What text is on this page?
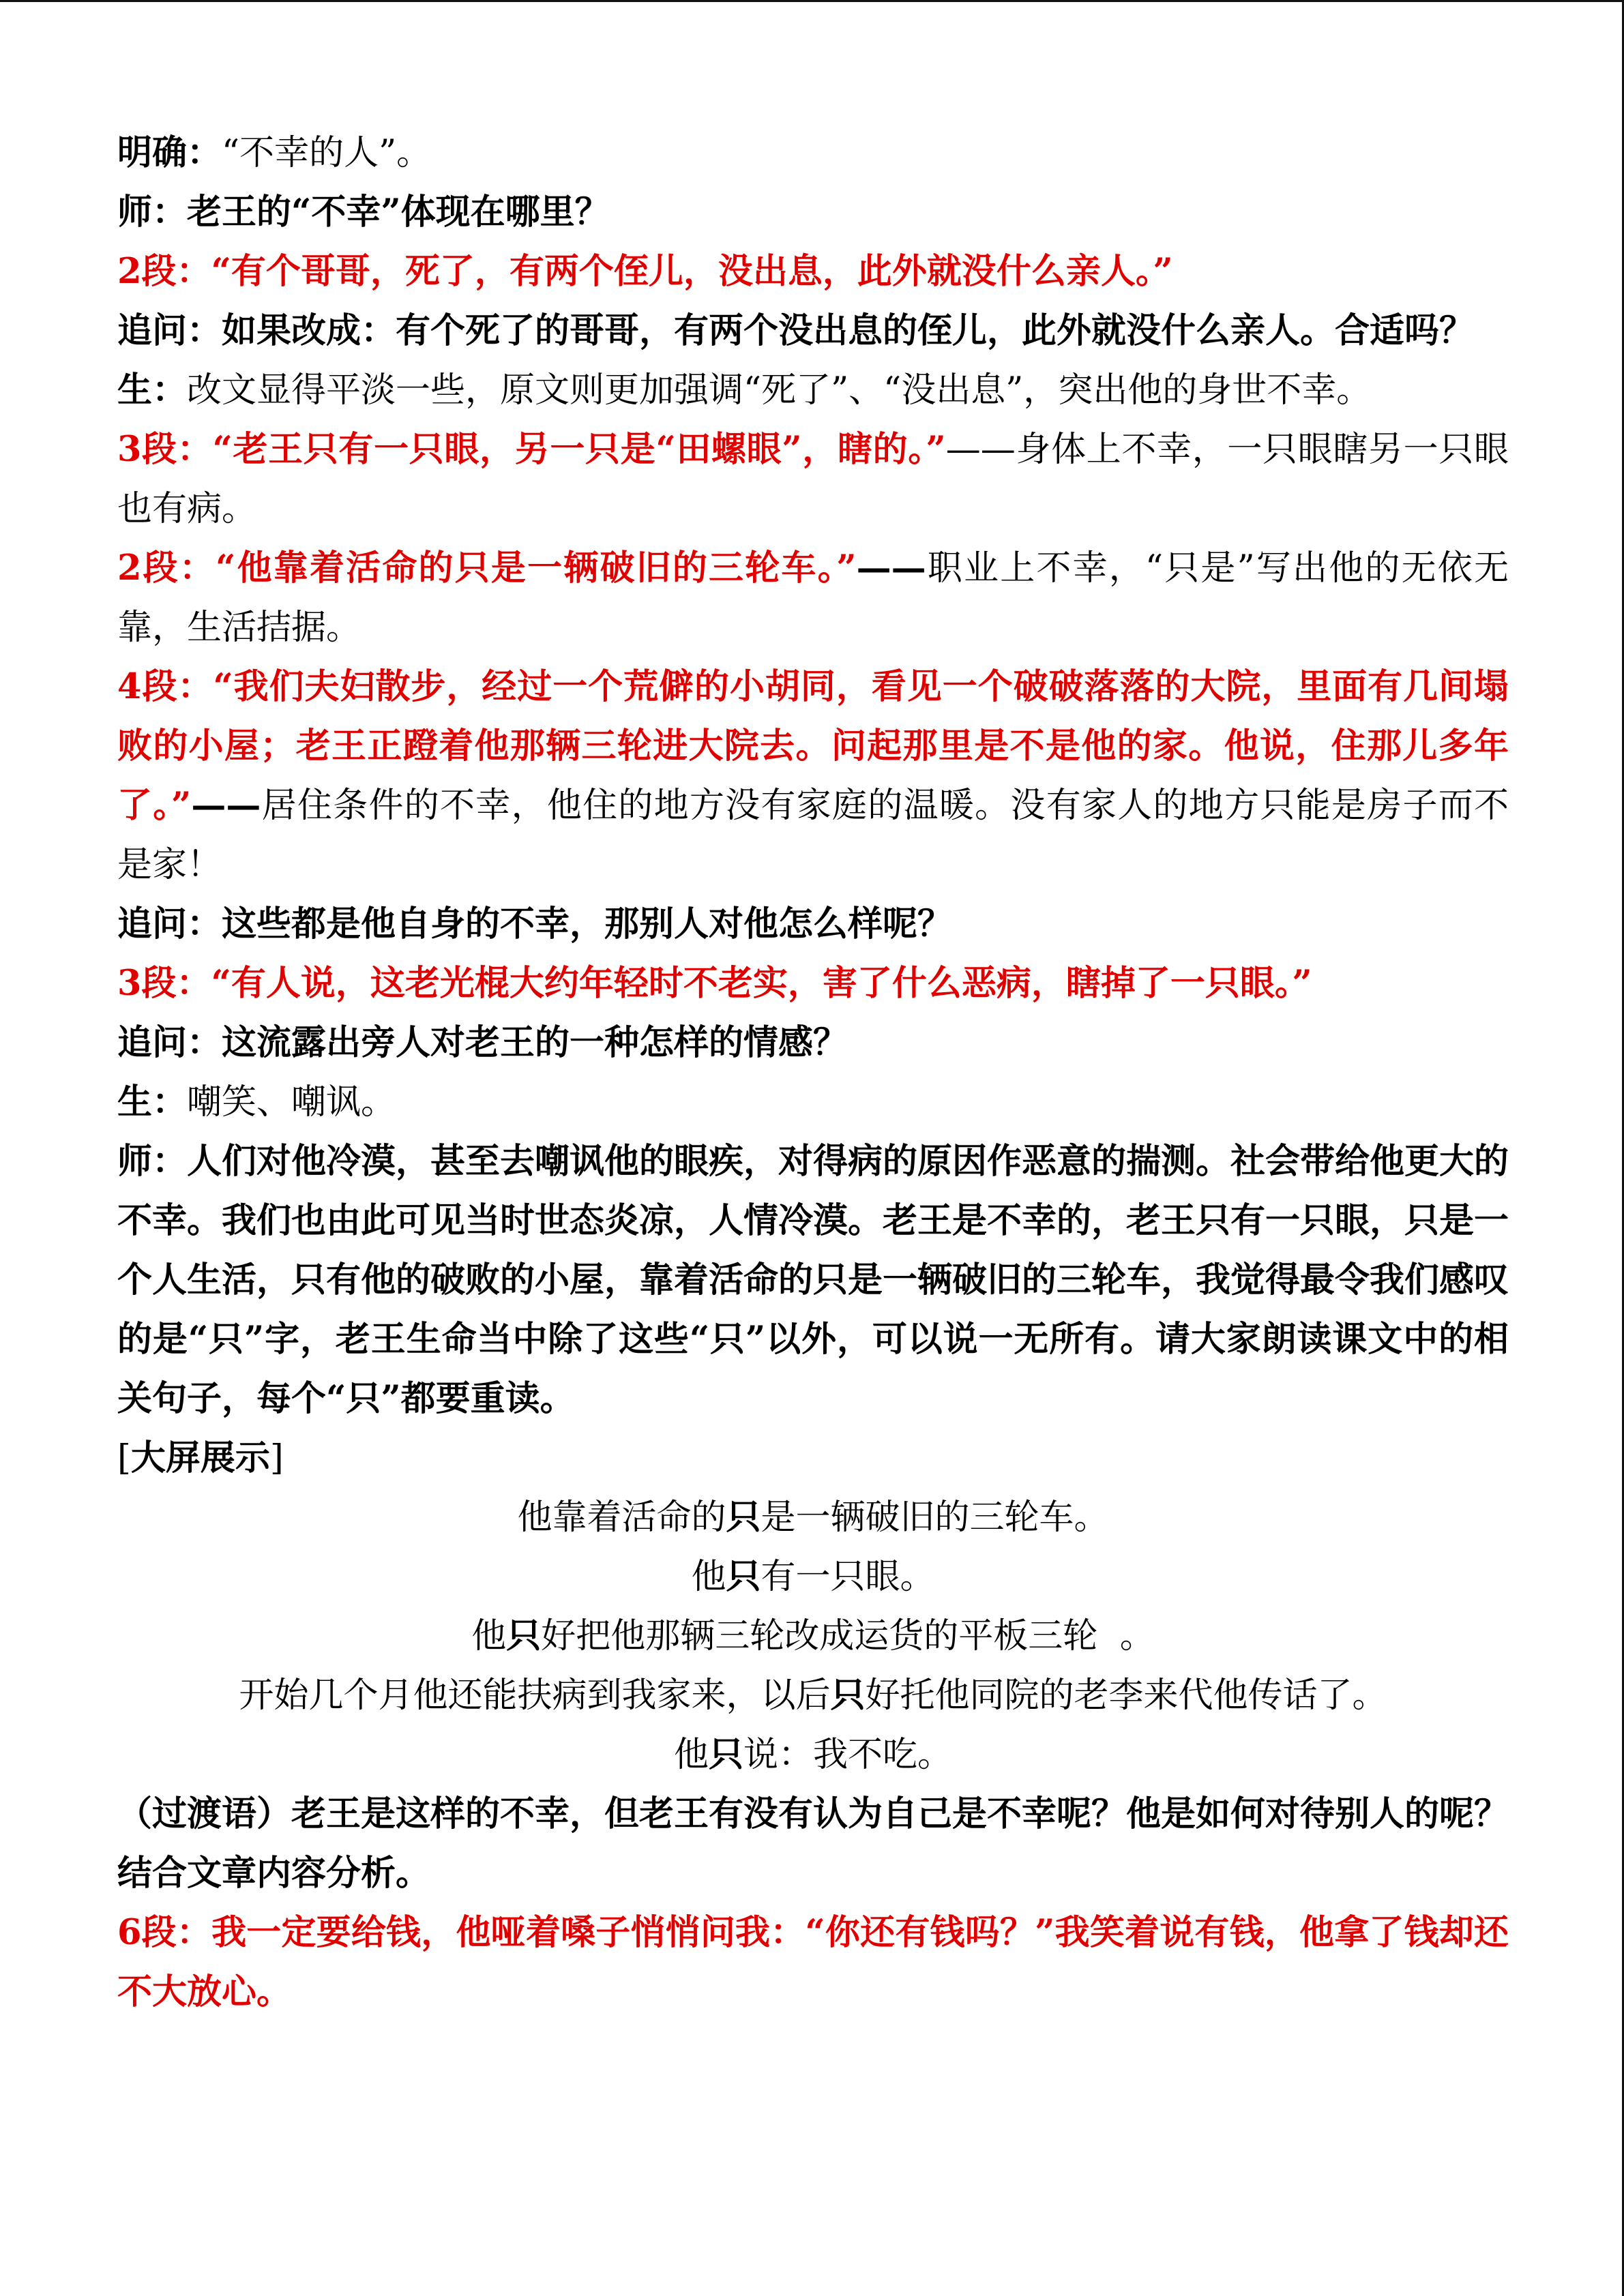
明确：“不幸的人”。

师：老王的“不幸”体现在哪里？

2段：“有个哥哥，死了，有两个侄儿，没出息，此外就没什么亲人。”

追问：如果改成：有个死了的哥哥，有两个没出息的侄儿，此外就没什么亲人。合适吗？

生：改文显得平淡一些，原文则更加强调“死了”、“没出息”，突出他的身世不幸。

3段：“老王只有一只眼，另一只是“田螺眼”，瞎的。”——身体上不幸，一只眼瞎另一只眼也有病。

2段：“他靠着活命的只是一辆破旧的三轮车。”——职业上不幸，“只是”写出他的无依无靠，生活拮据。

4段：“我们夫妇散步，经过一个荒僻的小胡同，看见一个破破落落的大院，里面有几间塌败的小屋；老王正蹬着他那辆三轮进大院去。问起那里是不是他的家。他说，住那儿多年了。”——居住条件的不幸，他住的地方没有家庭的温暖。没有家人的地方只能是房子而不是家！

追问：这些都是他自身的不幸，那别人对他怎么样呢？

3段：“有人说，这老光棍大约年轻时不老实，害了什么恶病，瞎掉了一只眼。”

追问：这流露出旁人对老王的一种怎样的情感？

生：嘲笑、嘲讽。

师：人们对他冷漠，甚至去嘲讽他的眼疾，对得病的原因作恶意的揣测。社会带给他更大的不幸。我们也由此可见当时世态炎凉，人情冷漠。老王是不幸的，老王只有一只眼，只是一个人生活，只有他的破败的小屋，靠着活命的只是一辆破旧的三轮车，我觉得最令我们感叹的是“只”字，老王生命当中除了这些“只”以外，可以说一无所有。请大家朗读课文中的相关句子，每个“只”都要重读。

[大屏展示]

他靠着活命的只是一辆破旧的三轮车。

他只有一只眼。

他只好把他那辆三轮改成运货的平板三轮  。

开始几个月他还能扶病到我家来，以后只好托他同院的老李来代他传话了。

他只说：我不吃。

（过渡语）老王是这样的不幸，但老王有没有认为自己是不幸呢？他是如何对待别人的呢？结合文章内容分析。

6段：我一定要给钱，他哑着嗓子悄悄问我：“你还有钱吗？”我笑着说有钱，他拿了钱却还不大放心。
